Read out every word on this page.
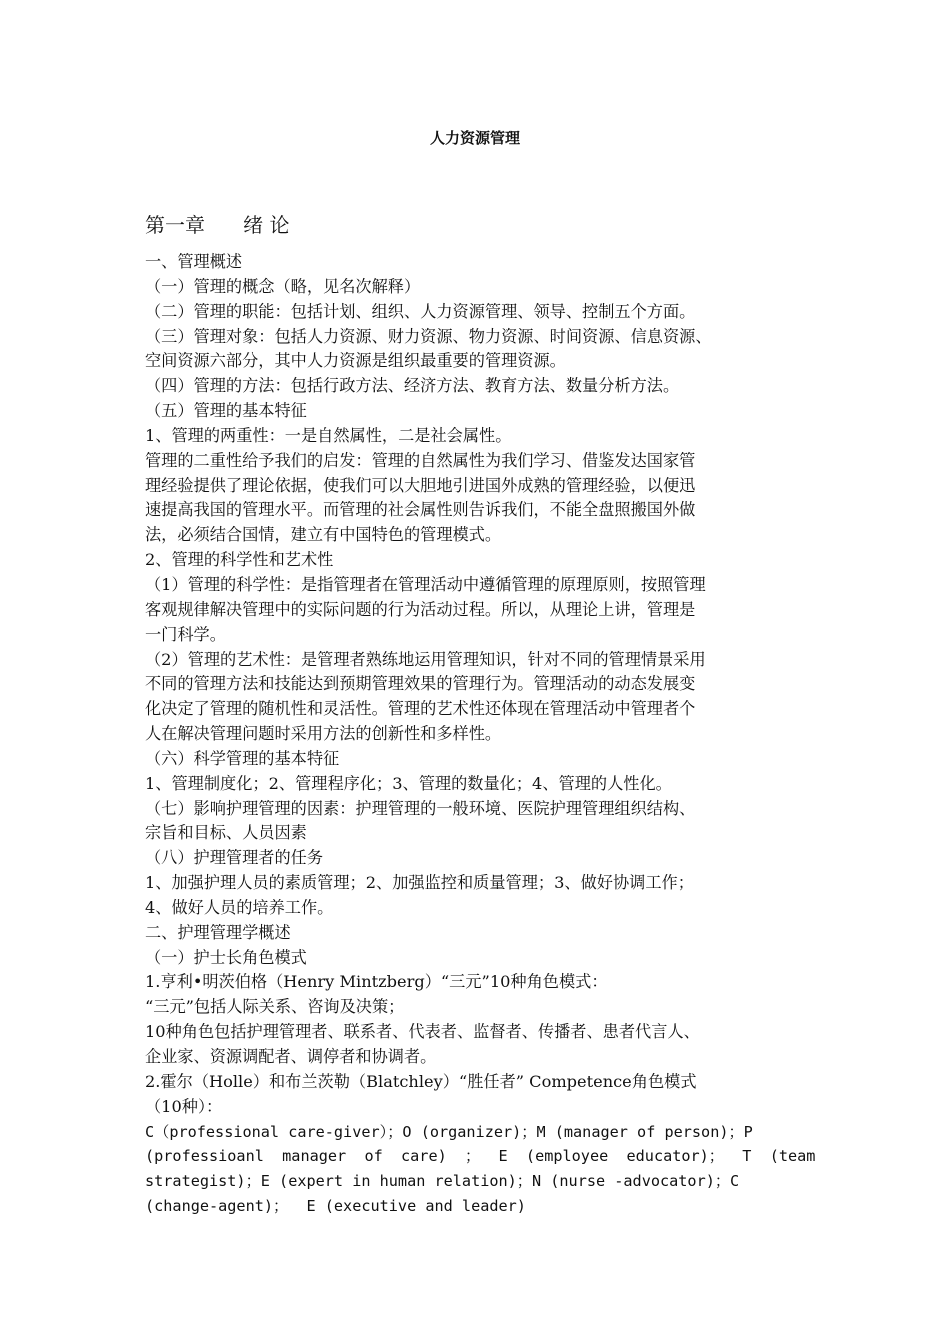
人力资源管理
第一章      绪 论
一、管理概述
（一）管理的概念（略，见名次解释）
（二）管理的职能：包括计划、组织、人力资源管理、领导、控制五个方面。
（三）管理对象：包括人力资源、财力资源、物力资源、时间资源、信息资源、
空间资源六部分，其中人力资源是组织最重要的管理资源。
（四）管理的方法：包括行政方法、经济方法、教育方法、数量分析方法。
（五）管理的基本特征
1、管理的两重性：一是自然属性，二是社会属性。
管理的二重性给予我们的启发：管理的自然属性为我们学习、借鉴发达国家管
理经验提供了理论依据，使我们可以大胆地引进国外成熟的管理经验，以便迅
速提高我国的管理水平。而管理的社会属性则告诉我们，不能全盘照搬国外做
法，必须结合国情，建立有中国特色的管理模式。
2、管理的科学性和艺术性
（1）管理的科学性：是指管理者在管理活动中遵循管理的原理原则，按照管理
客观规律解决管理中的实际问题的行为活动过程。所以，从理论上讲，管理是
一门科学。
（2）管理的艺术性：是管理者熟练地运用管理知识，针对不同的管理情景采用
不同的管理方法和技能达到预期管理效果的管理行为。管理活动的动态发展变
化决定了管理的随机性和灵活性。管理的艺术性还体现在管理活动中管理者个
人在解决管理问题时采用方法的创新性和多样性。
（六）科学管理的基本特征
1、管理制度化；2、管理程序化；3、管理的数量化；4、管理的人性化。
（七）影响护理管理的因素：护理管理的一般环境、医院护理管理组织结构、
宗旨和目标、人员因素
（八）护理管理者的任务
1、加强护理人员的素质管理；2、加强监控和质量管理；3、做好协调工作；
4、做好人员的培养工作。
二、护理管理学概述
（一）护士长角色模式
1.亨利•明茨伯格（Henry Mintzberg）“三元”10种角色模式：
“三元”包括人际关系、咨询及决策；
10种角色包括护理管理者、联系者、代表者、监督者、传播者、患者代言人、
企业家、资源调配者、调停者和协调者。
2.霍尔（Holle）和布兰茨勒（Blatchley）“胜任者” Competence角色模式
（10种）：
C（professional care-giver）；O (organizer)；M (manager of person)；P
(professioanl  manager  of  care)  ；  E  (employee  educator)；  T  (team
strategist)；E (expert in human relation)；N (nurse -advocator)；C
(change-agent)；  E (executive and leader)
